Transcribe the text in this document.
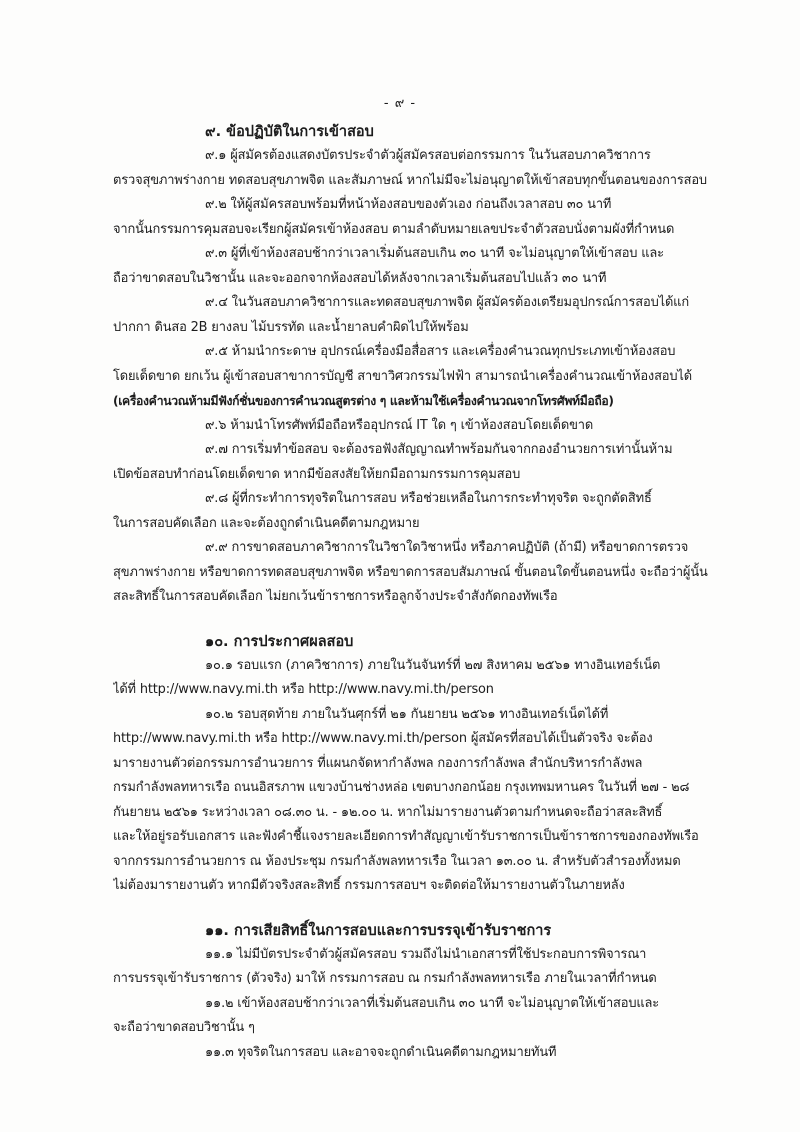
- ๙ -
๙. ข้อปฏิบัติในการเข้าสอบ
๙.๑ ผู้สมัครต้องแสดงบัตรประจำตัวผู้สมัครสอบต่อกรรมการ ในวันสอบภาควิชาการ
ตรวจสุขภาพร่างกาย ทดสอบสุขภาพจิต และสัมภาษณ์ หากไม่มีจะไม่อนุญาตให้เข้าสอบทุกขั้นตอนของการสอบ
๙.๒ ให้ผู้สมัครสอบพร้อมที่หน้าห้องสอบของตัวเอง ก่อนถึงเวลาสอบ ๓๐ นาที
จากนั้นกรรมการคุมสอบจะเรียกผู้สมัครเข้าห้องสอบ ตามลำดับหมายเลขประจำตัวสอบนั่งตามผังที่กำหนด
๙.๓ ผู้ที่เข้าห้องสอบช้ากว่าเวลาเริ่มต้นสอบเกิน ๓๐ นาที จะไม่อนุญาตให้เข้าสอบ และ
ถือว่าขาดสอบในวิชานั้น และจะออกจากห้องสอบได้หลังจากเวลาเริ่มต้นสอบไปแล้ว ๓๐ นาที
๙.๔ ในวันสอบภาควิชาการและทดสอบสุขภาพจิต ผู้สมัครต้องเตรียมอุปกรณ์การสอบได้แก่
ปากกา ดินสอ 2B ยางลบ ไม้บรรทัด และน้ำยาลบคำผิดไปให้พร้อม
๙.๕ ห้ามนำกระดาษ อุปกรณ์เครื่องมือสื่อสาร และเครื่องคำนวณทุกประเภทเข้าห้องสอบ
โดยเด็ดขาด ยกเว้น ผู้เข้าสอบสาขาการบัญชี สาขาวิศวกรรมไฟฟ้า สามารถนำเครื่องคำนวณเข้าห้องสอบได้
(เครื่องคำนวณห้ามมีฟังก์ชั่นของการคำนวณสูตรต่าง ๆ และห้ามใช้เครื่องคำนวณจากโทรศัพท์มือถือ)
๙.๖ ห้ามนำโทรศัพท์มือถือหรืออุปกรณ์ IT ใด ๆ เข้าห้องสอบโดยเด็ดขาด
๙.๗ การเริ่มทำข้อสอบ จะต้องรอฟังสัญญาณทำพร้อมกันจากกองอำนวยการเท่านั้นห้าม
เปิดข้อสอบทำก่อนโดยเด็ดขาด หากมีข้อสงสัยให้ยกมือถามกรรมการคุมสอบ
๙.๘ ผู้ที่กระทำการทุจริตในการสอบ หรือช่วยเหลือในการกระทำทุจริต จะถูกตัดสิทธิ์
ในการสอบคัดเลือก และจะต้องถูกดำเนินคดีตามกฎหมาย
๙.๙ การขาดสอบภาควิชาการในวิชาใดวิชาหนึ่ง หรือภาคปฏิบัติ (ถ้ามี) หรือขาดการตรวจ
สุขภาพร่างกาย หรือขาดการทดสอบสุขภาพจิต หรือขาดการสอบสัมภาษณ์ ขั้นตอนใดขั้นตอนหนึ่ง จะถือว่าผู้นั้น
สละสิทธิ์ในการสอบคัดเลือก ไม่ยกเว้นข้าราชการหรือลูกจ้างประจำสังกัดกองทัพเรือ
๑๐. การประกาศผลสอบ
๑๐.๑ รอบแรก (ภาควิชาการ) ภายในวันจันทร์ที่ ๒๗ สิงหาคม ๒๕๖๑ ทางอินเทอร์เน็ต
ได้ที่ http://www.navy.mi.th หรือ http://www.navy.mi.th/person
๑๐.๒ รอบสุดท้าย ภายในวันศุกร์ที่ ๒๑ กันยายน ๒๕๖๑ ทางอินเทอร์เน็ตได้ที่
http://www.navy.mi.th หรือ http://www.navy.mi.th/person ผู้สมัครที่สอบได้เป็นตัวจริง จะต้อง
มารายงานตัวต่อกรรมการอำนวยการ ที่แผนกจัดหากำลังพล กองการกำลังพล สำนักบริหารกำลังพล
กรมกำลังพลทหารเรือ ถนนอิสรภาพ แขวงบ้านช่างหล่อ เขตบางกอกน้อย กรุงเทพมหานคร ในวันที่ ๒๗ - ๒๘
กันยายน ๒๕๖๑ ระหว่างเวลา ๐๘.๓๐ น. - ๑๒.๐๐ น. หากไม่มารายงานตัวตามกำหนดจะถือว่าสละสิทธิ์
และให้อยู่รอรับเอกสาร และฟังคำชี้แจงรายละเอียดการทำสัญญาเข้ารับราชการเป็นข้าราชการของกองทัพเรือ
จากกรรมการอำนวยการ ณ ห้องประชุม กรมกำลังพลทหารเรือ ในเวลา ๑๓.๐๐ น. สำหรับตัวสำรองทั้งหมด
ไม่ต้องมารายงานตัว หากมีตัวจริงสละสิทธิ์ กรรมการสอบฯ จะติดต่อให้มารายงานตัวในภายหลัง
๑๑. การเสียสิทธิ์ในการสอบและการบรรจุเข้ารับราชการ
๑๑.๑ ไม่มีบัตรประจำตัวผู้สมัครสอบ รวมถึงไม่นำเอกสารที่ใช้ประกอบการพิจารณา
การบรรจุเข้ารับราชการ (ตัวจริง) มาให้ กรรมการสอบ ณ กรมกำลังพลทหารเรือ ภายในเวลาที่กำหนด
๑๑.๒ เข้าห้องสอบช้ากว่าเวลาที่เริ่มต้นสอบเกิน ๓๐ นาที จะไม่อนุญาตให้เข้าสอบและ
จะถือว่าขาดสอบวิชานั้น ๆ
๑๑.๓ ทุจริตในการสอบ และอาจจะถูกดำเนินคดีตามกฎหมายทันที
